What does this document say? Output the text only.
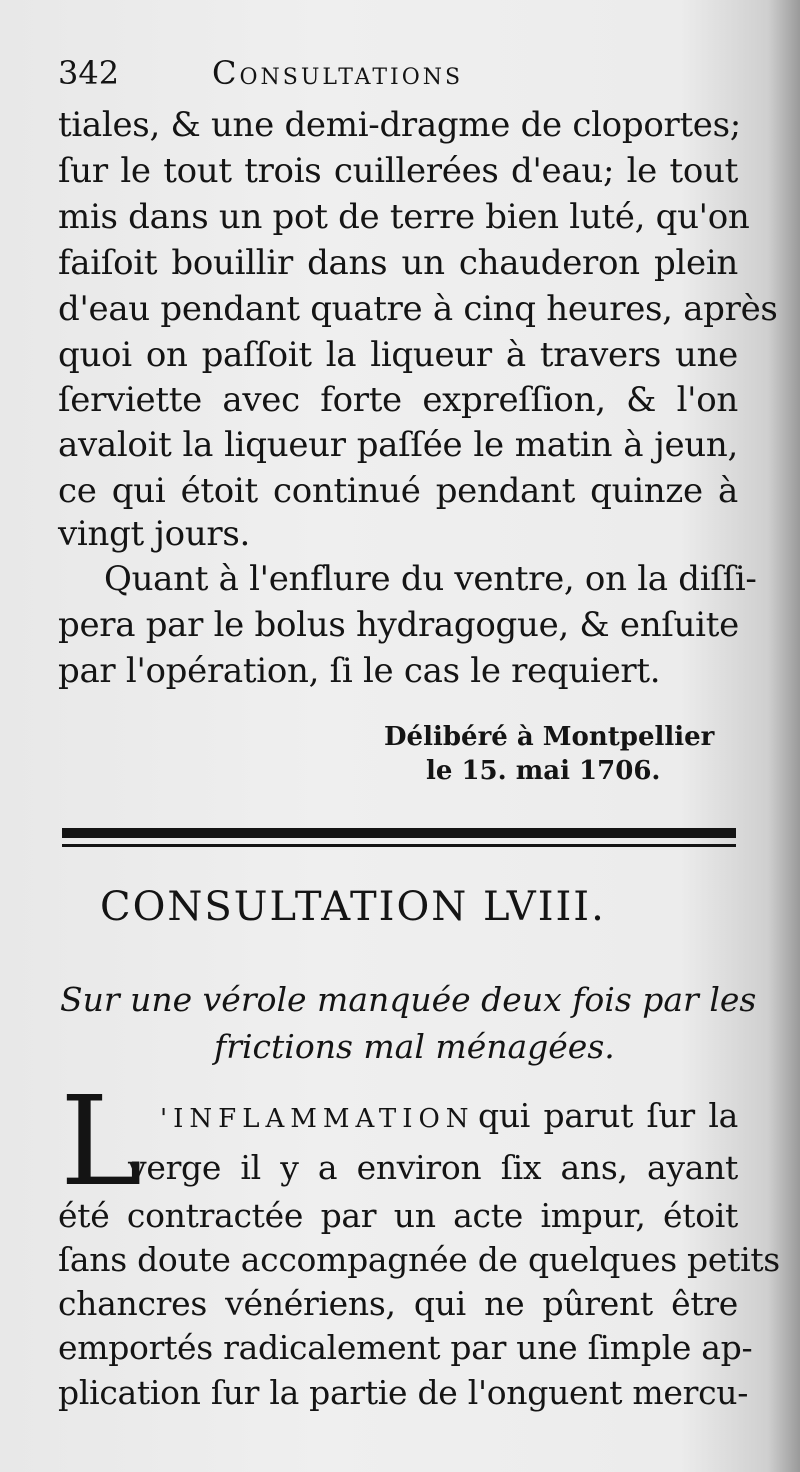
342	Consultations
tiales, & une demi-dragme de cloportes;
ſur le tout trois cuillerées d'eau; le tout
mis dans un pot de terre bien luté, qu'on
faiſoit bouillir dans un chauderon plein
d'eau pendant quatre à cinq heures, après
quoi on paſſoit la liqueur à travers une
ſerviette avec forte expreſſion, & l'on
avaloit la liqueur paſſée le matin à jeun,
ce qui étoit continué pendant quinze à
vingt jours.
Quant à l'enflure du ventre, on la diſſi-
pera par le bolus hydragogue, & enſuite
par l'opération, ſi le cas le requiert.
Délibéré à Montpellier
le 15. mai 1706.
CONSULTATION LVIII.
Sur une vérole manquée deux fois par les
frictions mal ménagées.
L 'INFLAMMATION qui parut ſur la
verge il y a environ ſix ans, ayant
été contractée par un acte impur, étoit
ſans doute accompagnée de quelques petits
chancres vénériens, qui ne pûrent être
emportés radicalement par une ſimple ap-
plication ſur la partie de l'onguent mercu-
